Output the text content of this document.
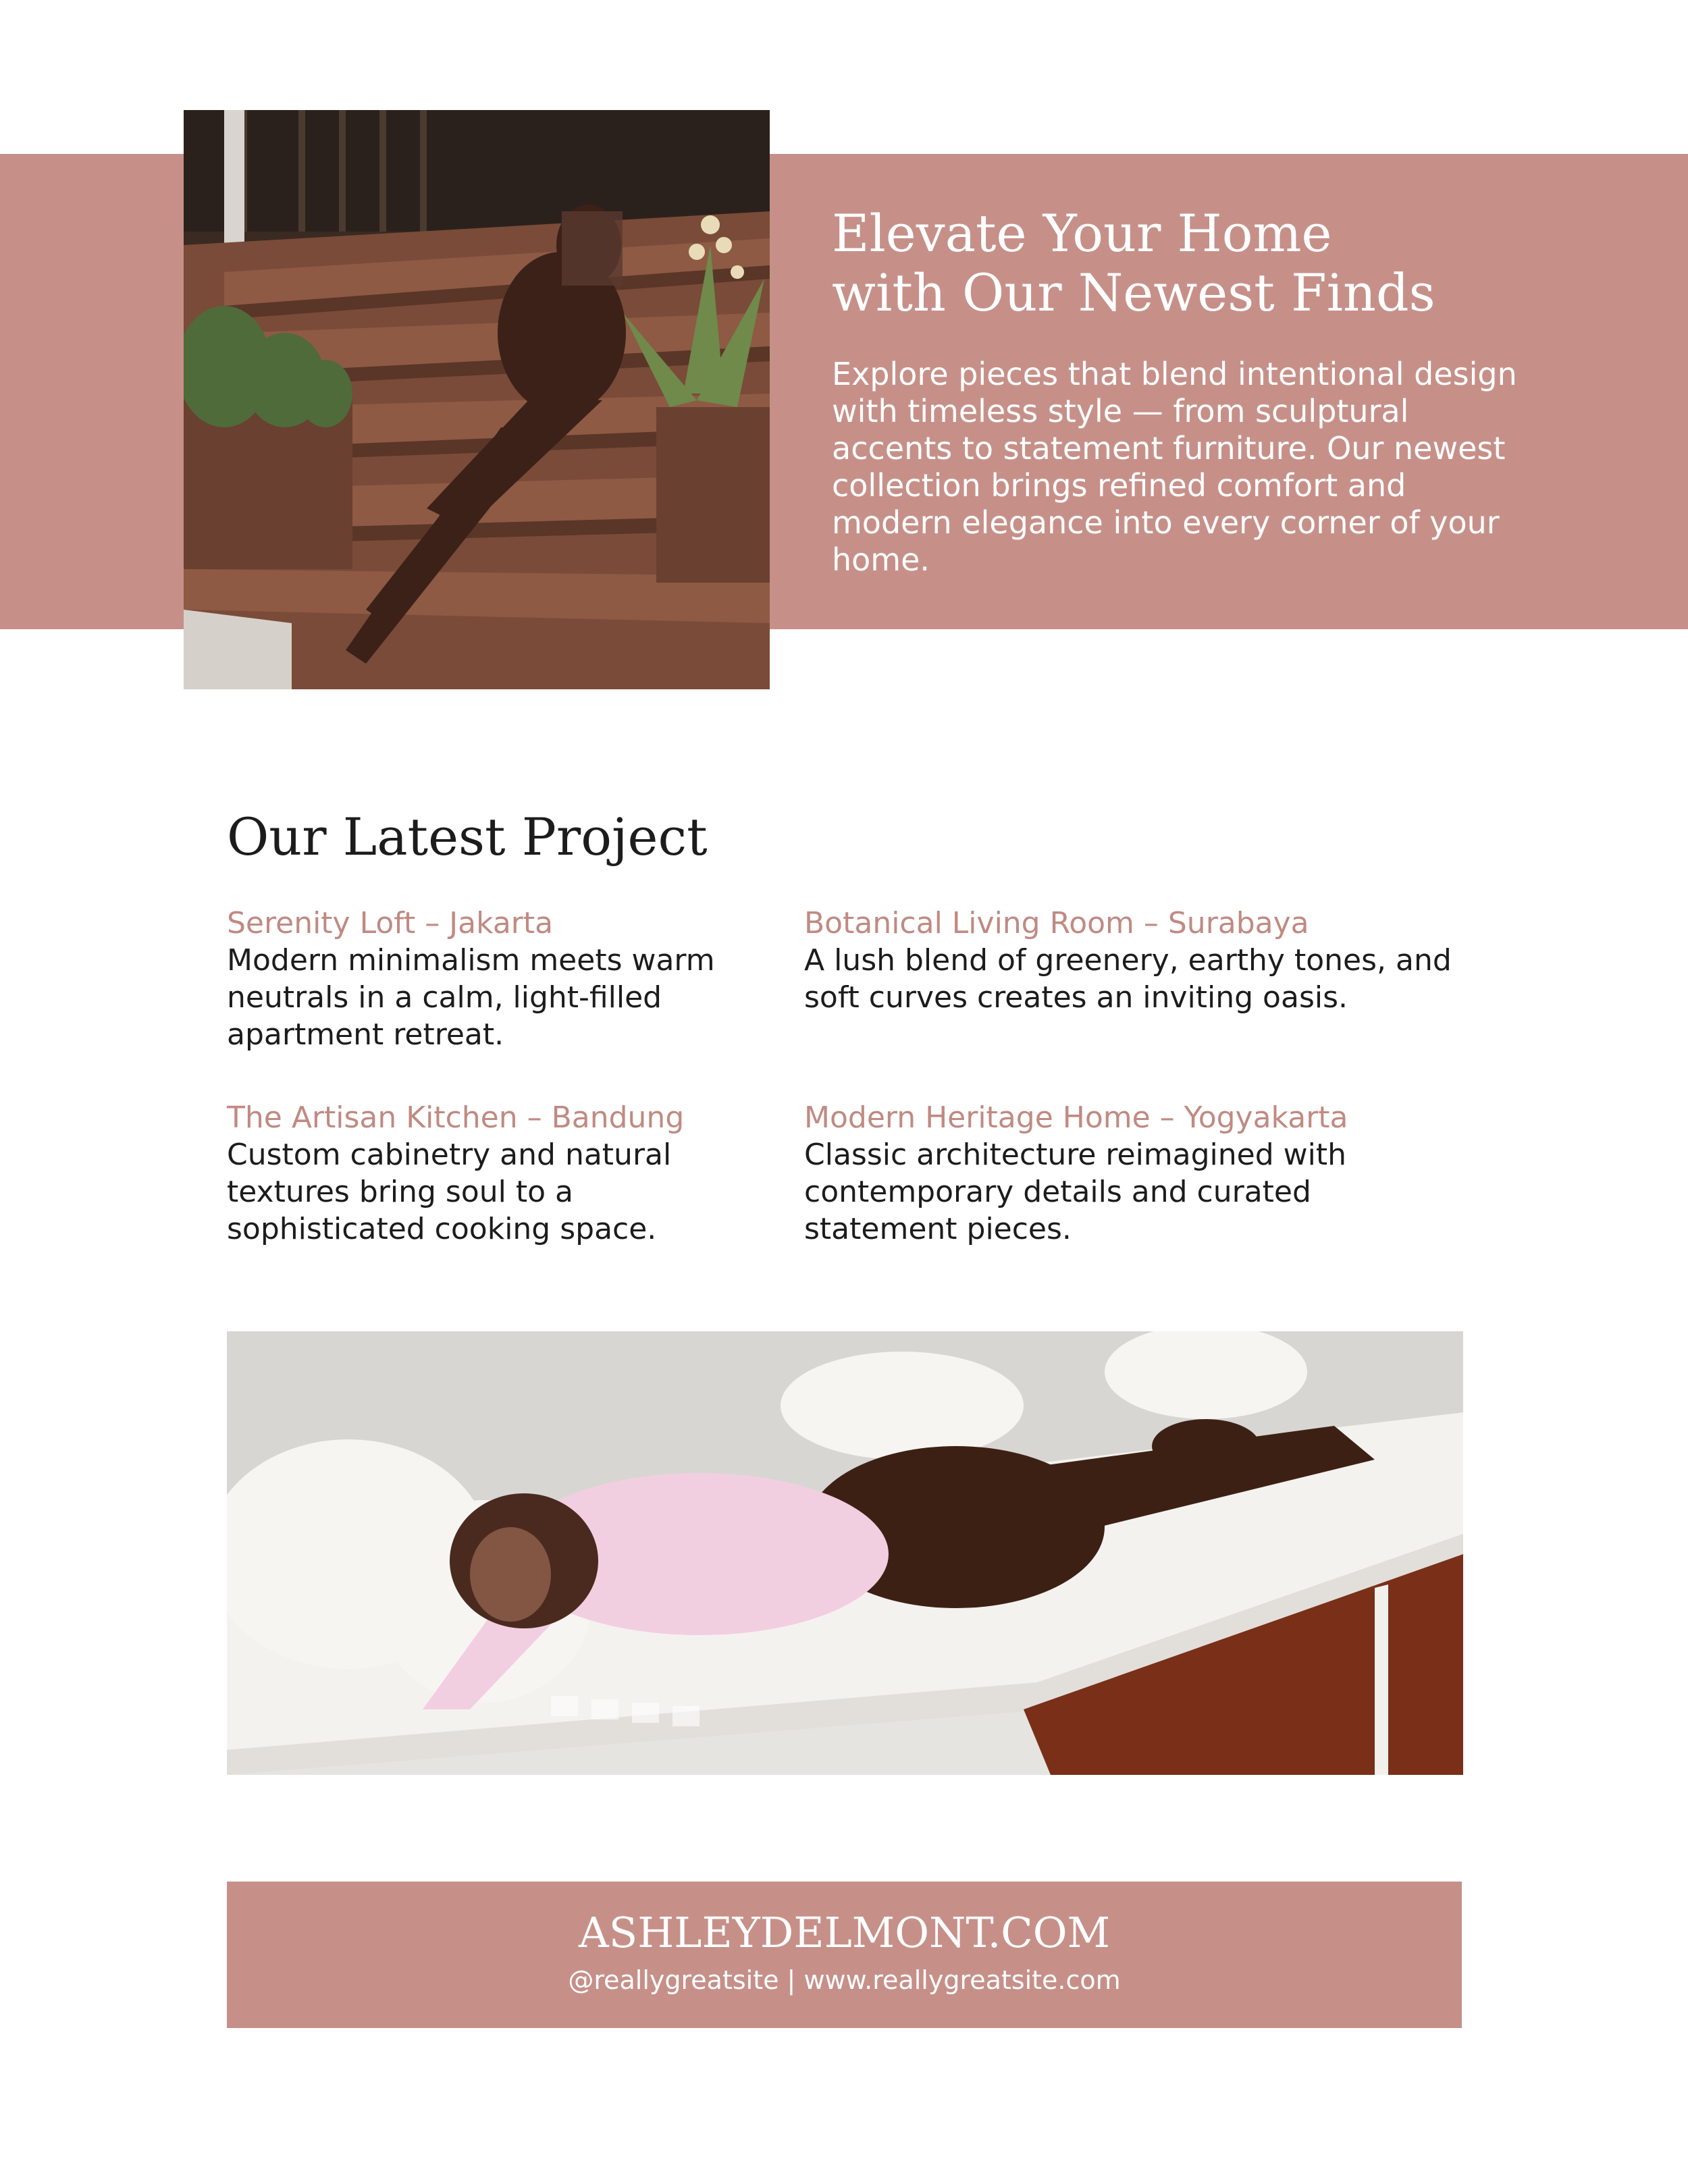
Elevate Your Home
with Our Newest Finds

Explore pieces that blend intentional design with timeless style — from sculptural accents to statement furniture. Our newest collection brings refined comfort and modern elegance into every corner of your home.

Our Latest Project
Serenity Loft – Jakarta

Modern minimalism meets warm neutrals in a calm, light-filled apartment retreat.

Botanical Living Room – Surabaya

A lush blend of greenery, earthy tones, and soft curves creates an inviting oasis.

The Artisan Kitchen – Bandung

Custom cabinetry and natural textures bring soul to a sophisticated cooking space.

Modern Heritage Home – Yogyakarta

Classic architecture reimagined with contemporary details and curated statement pieces.

ASHLEYDELMONT.COM
@reallygreatsite | www.reallygreatsite.com
